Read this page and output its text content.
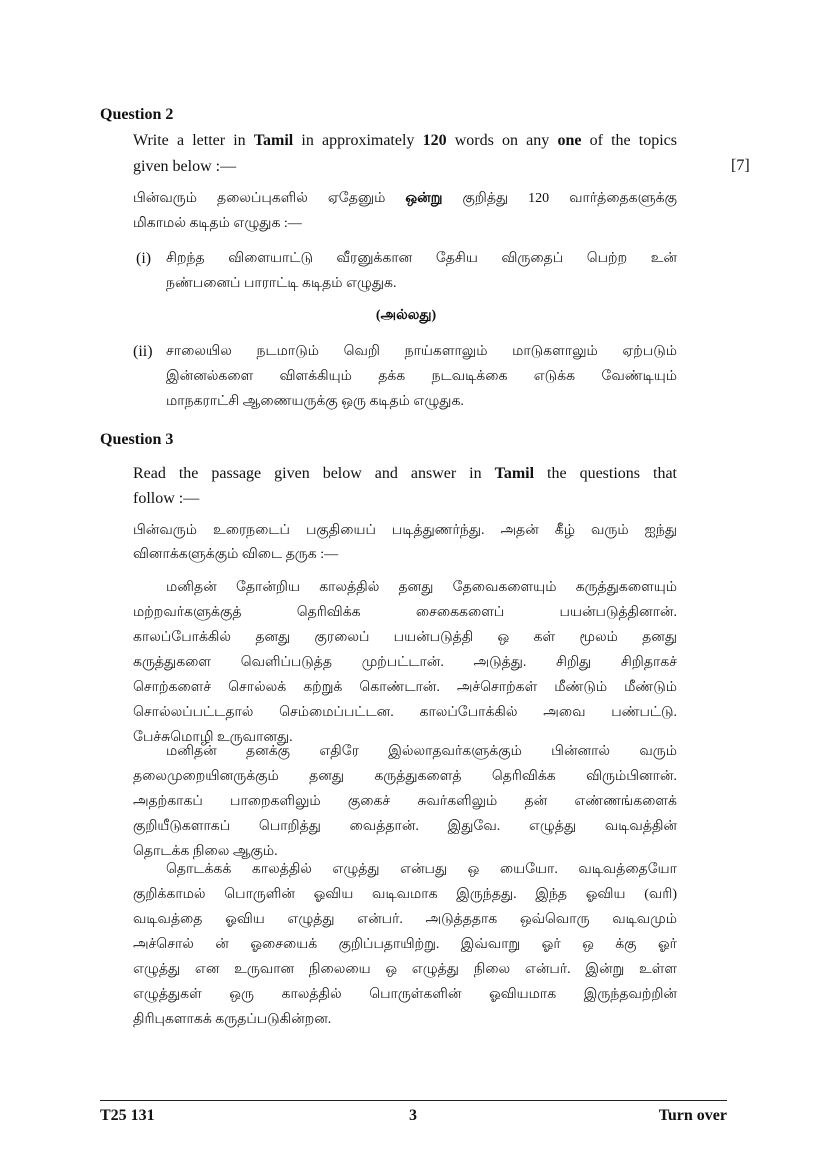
Question 2
Write a letter in Tamil in approximately 120 words on any one of the topics
given below :—	[7]
பின்வரும் தலைப்புகளில் ஏதேனும் ஒன்று குறித்து 120 வார்த்தைகளுக்கு
மிகாமல் கடிதம் எழுதுக :—
(i) சிறந்த விளையாட்டு வீரனுக்கான தேசிய விருதைப் பெற்ற உன்
நண்பனைப் பாராட்டி கடிதம் எழுதுக.
(அல்லது)
(ii) சாலையில நடமாடும் வெறி நாய்களாலும் மாடுகளாலும் ஏற்படும்
இன்னல்களை விளக்கியும் தக்க நடவடிக்கை எடுக்க வேண்டியும்
மாநகராட்சி ஆணையருக்கு ஒரு கடிதம் எழுதுக.
Question 3
Read the passage given below and answer in Tamil the questions that
follow :—
பின்வரும் உரைநடைப் பகுதியைப் படித்துணர்ந்து. அதன் கீழ் வரும் ஐந்து
வினாக்களுக்கும் விடை தருக :—
மனிதன் தோன்றிய காலத்தில் தனது தேவைகளையும் கருத்துகளையும்
மற்றவர்களுக்குத் தெரிவிக்க சைகைகளைப் பயன்படுத்தினான்.
காலப்போக்கில் தனது குரலைப் பயன்படுத்தி ஒ கள் மூலம் தனது
கருத்துகளை வெளிப்படுத்த முற்பட்டான். அடுத்து. சிறிது சிறிதாகச்
சொற்களைச் சொல்லக் கற்றுக் கொண்டான். அச்சொற்கள் மீண்டும் மீண்டும்
சொல்லப்பட்டதால் செம்மைப்பட்டன. காலப்போக்கில் அவை பண்பட்டு.
பேச்சுமொழி உருவானது.
மனிதன் தனக்கு எதிரே இல்லாதவர்களுக்கும் பின்னால் வரும்
தலைமுறையினருக்கும் தனது கருத்துகளைத் தெரிவிக்க விரும்பினான்.
அதற்காகப் பாறைகளிலும் குகைச் சுவர்களிலும் தன் எண்ணங்களைக்
குறியீடுகளாகப் பொறித்து வைத்தான். இதுவே. எழுத்து வடிவத்தின்
தொடக்க நிலை ஆகும்.
தொடக்கக் காலத்தில் எழுத்து என்பது ஒ யையோ. வடிவத்தையோ
குறிக்காமல் பொருளின் ஓவிய வடிவமாக இருந்தது. இந்த ஓவிய (வரி)
வடிவத்தை ஓவிய எழுத்து என்பர். அடுத்ததாக ஒவ்வொரு வடிவமும்
அச்சொல் ன் ஓசையைக் குறிப்பதாயிற்று. இவ்வாறு ஓர் ஒ க்கு ஓர்
எழுத்து என உருவான நிலையை ஒ எழுத்து நிலை என்பர். இன்று உள்ள
எழுத்துகள் ஒரு காலத்தில் பொருள்களின் ஓவியமாக இருந்தவற்றின்
திரிபுகளாகக் கருதப்படுகின்றன.
T25 131	3	Turn over
